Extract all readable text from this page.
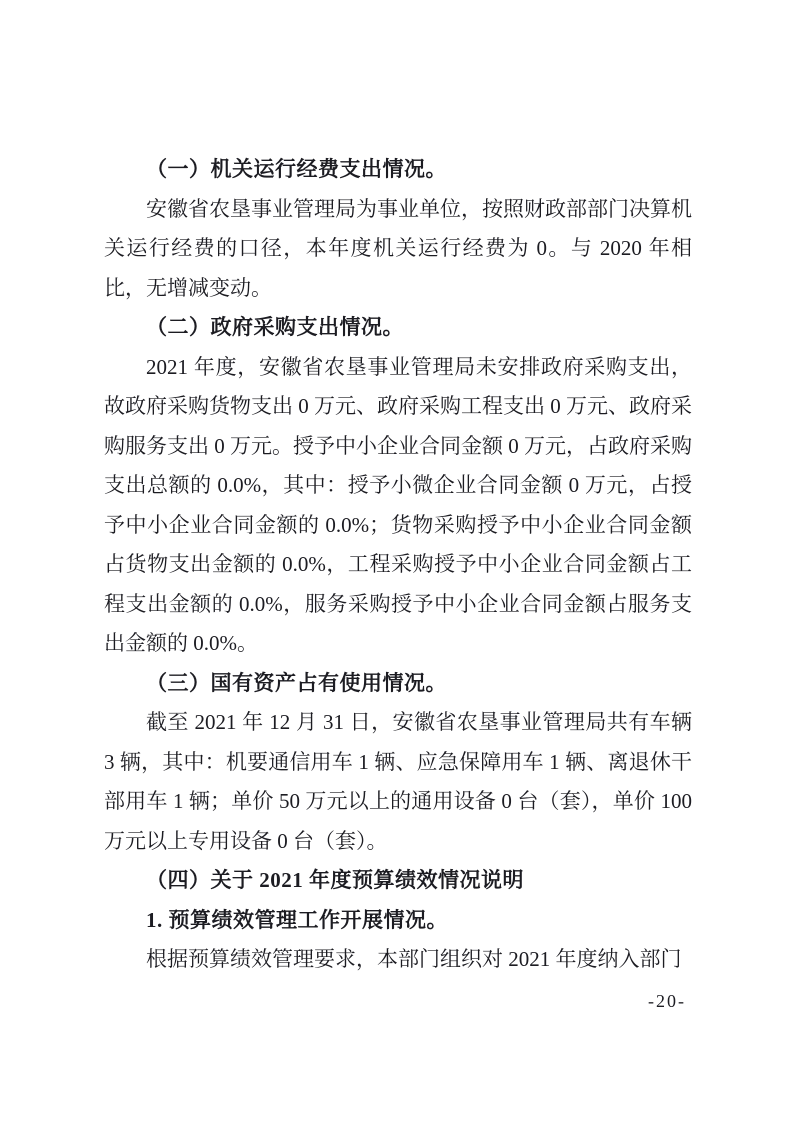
（一）机关运行经费支出情况。

安徽省农垦事业管理局为事业单位，按照财政部部门决算机关运行经费的口径，本年度机关运行经费为 0。与 2020 年相比，无增减变动。

（二）政府采购支出情况。

2021 年度，安徽省农垦事业管理局未安排政府采购支出，故政府采购货物支出 0 万元、政府采购工程支出 0 万元、政府采购服务支出 0 万元。授予中小企业合同金额 0 万元，占政府采购支出总额的 0.0%，其中：授予小微企业合同金额 0 万元，占授予中小企业合同金额的 0.0%；货物采购授予中小企业合同金额占货物支出金额的 0.0%，工程采购授予中小企业合同金额占工程支出金额的 0.0%，服务采购授予中小企业合同金额占服务支出金额的 0.0%。

（三）国有资产占有使用情况。

截至 2021 年 12 月 31 日，安徽省农垦事业管理局共有车辆 3 辆，其中：机要通信用车 1 辆、应急保障用车 1 辆、离退休干部用车 1 辆；单价 50 万元以上的通用设备 0 台（套），单价 100 万元以上专用设备 0 台（套）。

（四）关于 2021 年度预算绩效情况说明

1. 预算绩效管理工作开展情况。

根据预算绩效管理要求，本部门组织对 2021 年度纳入部门

-20-
